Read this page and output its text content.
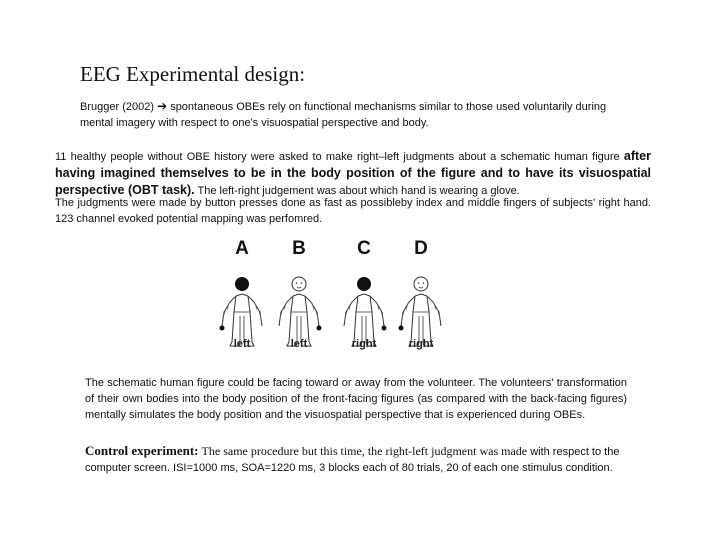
EEG Experimental design:

Brugger (2002) ➔ spontaneous OBEs rely on functional mechanisms similar to those used voluntarily during mental imagery with respect to one's visuospatial perspective and body.

11 healthy people without OBE history were asked to make right–left judgments about a schematic human figure after having imagined themselves to be in the body position of the figure and to have its visuospatial perspective (OBT task). The left-right judgement was about which hand is wearing a glove.

The judgments were made by button presses done as fast as possibleby index and middle fingers of subjects' right hand. 123 channel evoked potential mapping was perfomred.

A	B	C	D
left	left	right	right

The schematic human figure could be facing toward or away from the volunteer. The volunteers' transformation of their own bodies into the body position of the front-facing figures (as compared with the back-facing figures) mentally simulates the body position and the visuospatial perspective that is experienced during OBEs.

Control experiment: The same procedure but this time, the right-left judgment was made with respect to the computer screen. ISI=1000 ms, SOA=1220 ms, 3 blocks each of 80 trials, 20 of each one stimulus condition.
